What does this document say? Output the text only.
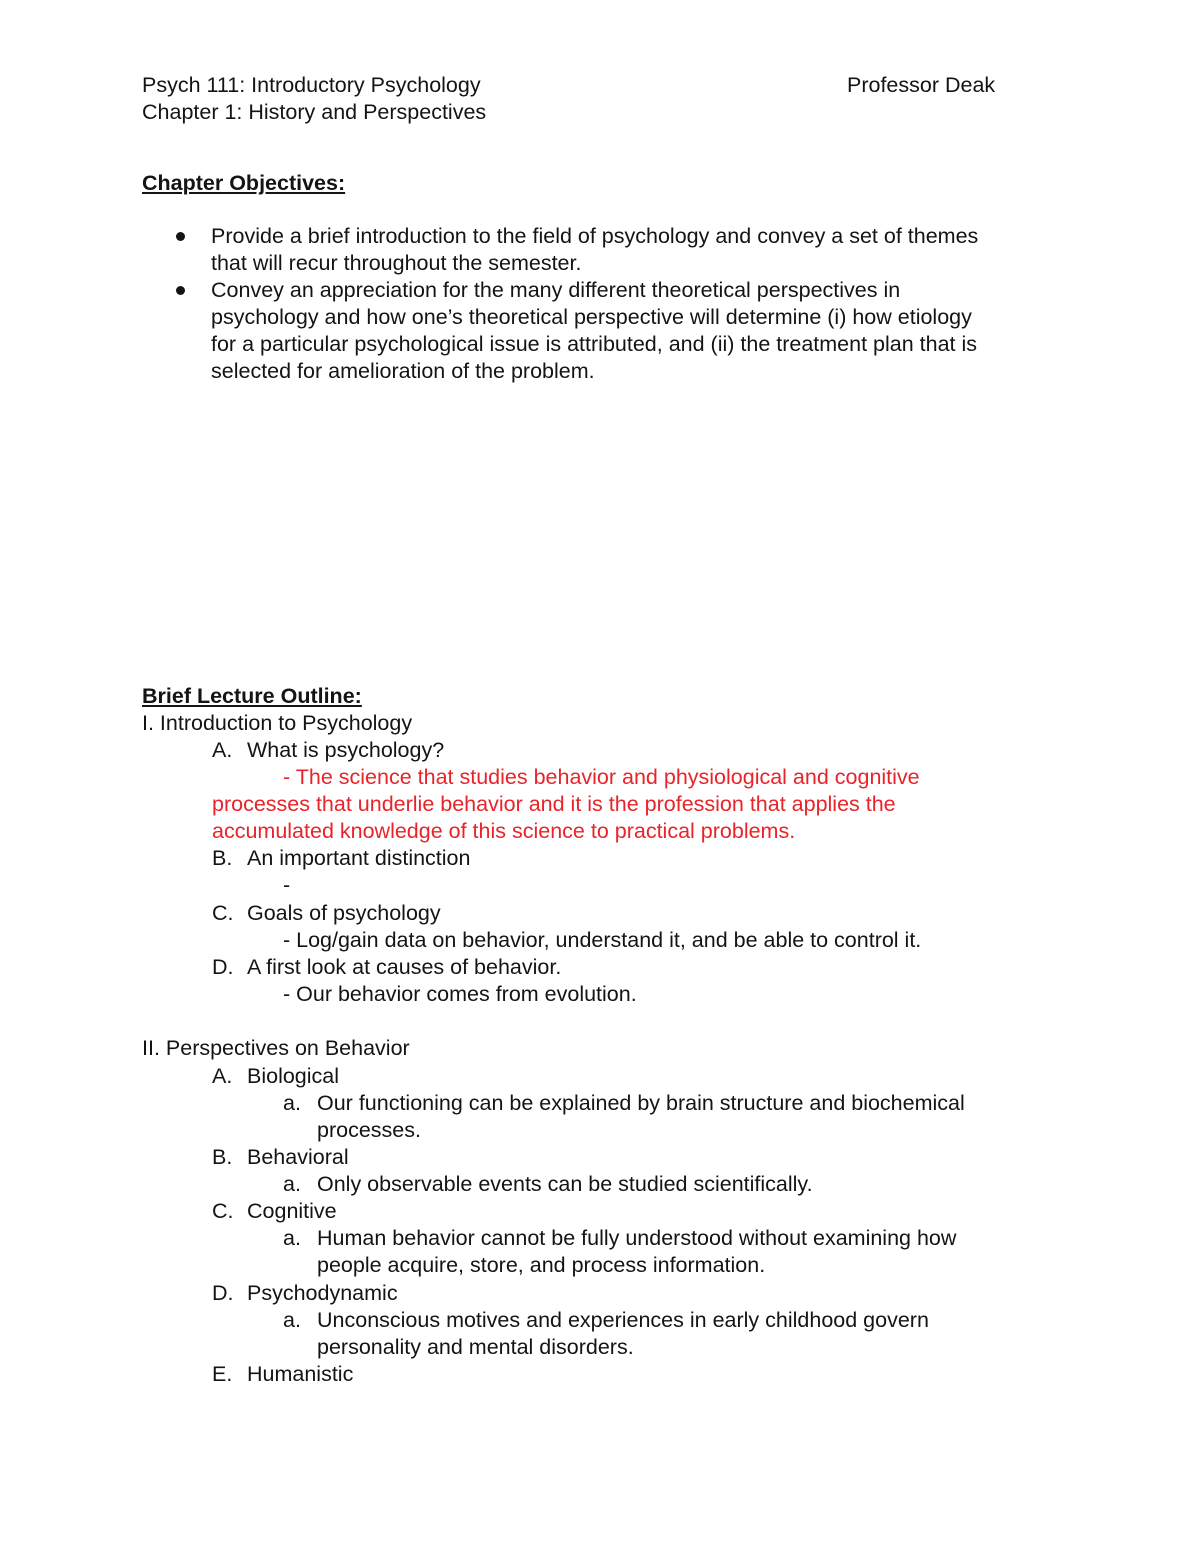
Psych 111: Introductory Psychology	Professor Deak
Chapter 1: History and Perspectives
Chapter Objectives:
Provide a brief introduction to the field of psychology and convey a set of themes
that will recur throughout the semester.
Convey an appreciation for the many different theoretical perspectives in
psychology and how one’s theoretical perspective will determine (i) how etiology
for a particular psychological issue is attributed, and (ii) the treatment plan that is
selected for amelioration of the problem.
Brief Lecture Outline:
I. Introduction to Psychology
A. What is psychology?
- The science that studies behavior and physiological and cognitive
processes that underlie behavior and it is the profession that applies the
accumulated knowledge of this science to practical problems.
B. An important distinction
-
C. Goals of psychology
- Log/gain data on behavior, understand it, and be able to control it.
D. A first look at causes of behavior.
- Our behavior comes from evolution.
II. Perspectives on Behavior
A. Biological
a. Our functioning can be explained by brain structure and biochemical
processes.
B. Behavioral
a. Only observable events can be studied scientifically.
C. Cognitive
a. Human behavior cannot be fully understood without examining how
people acquire, store, and process information.
D. Psychodynamic
a. Unconscious motives and experiences in early childhood govern
personality and mental disorders.
E. Humanistic
